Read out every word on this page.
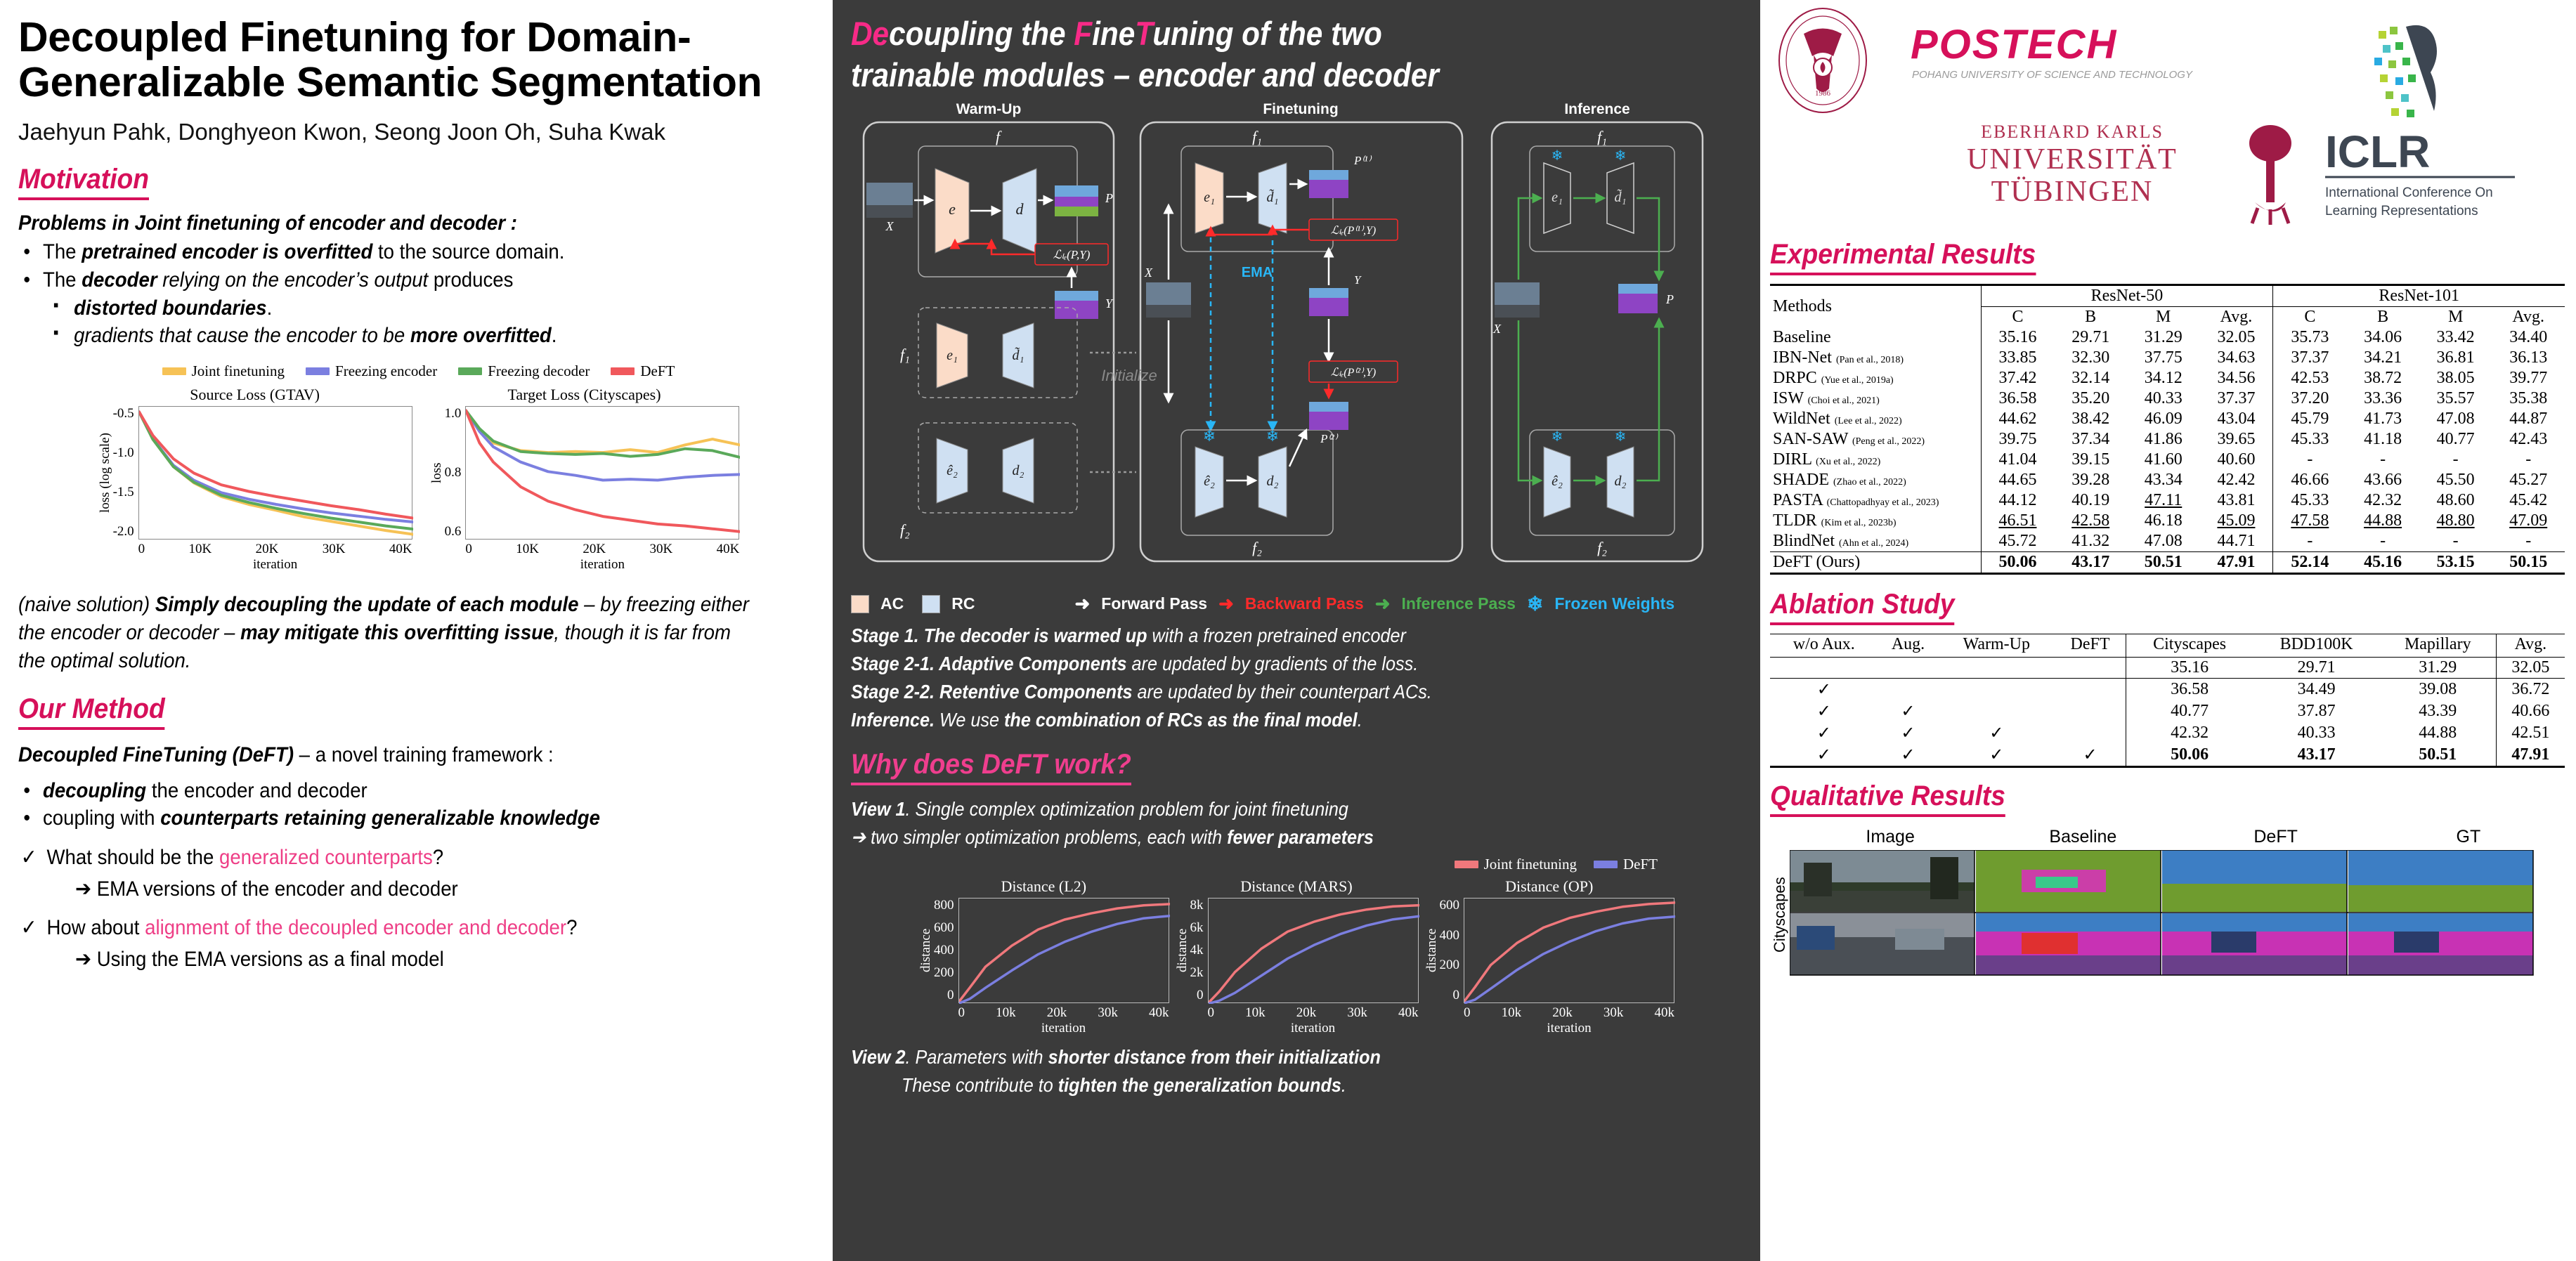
Decoupled Finetuning for Domain-Generalizable Semantic Segmentation
Jaehyun Pahk, Donghyeon Kwon, Seong Joon Oh, Suha Kwak
Motivation
Problems in Joint finetuning of encoder and decoder :
• The pretrained encoder is overfitted to the source domain.
• The decoder relying on the encoder’s output produces
▪ distorted boundaries.
▪ gradients that cause the encoder to be more overfitted.
Joint finetuning	Freezing encoder	Freezing decoder	DeFT
Source Loss (GTAV)
loss (log scale)
-0.5
-1.0
-1.5
-2.0
0	10K	20K	30K	40K
iteration
Target Loss (Cityscapes)
loss
1.0
0.8
0.6
0	10K	20K	30K	40K
iteration
(naive solution) Simply decoupling the update of each module – by freezing either the encoder or decoder – may mitigate this overfitting issue, though it is far from the optimal solution.
Our Method
Decoupled FineTuning (DeFT) – a novel training framework :
• decoupling the encoder and decoder
• coupling with counterparts retaining generalizable knowledge
✓ What should be the generalized counterparts?
➔ EMA versions of the encoder and decoder
✓ How about alignment of the decoupled encoder and decoder?
➔ Using the EMA versions as a final model
Decoupling the FineTuning of the two
trainable modules – encoder and decoder
Warm-Up	Finetuning	Inference
f
X
e	d
P
ℒₗₑ(P,Y)
Y
f₁	e₁	d̃₁
f₂
ê₂	d₂
Initialize
f₁
e₁	d̃₁
P⁽¹⁾
ℒₗₑ(P⁽¹⁾,Y)
X
Y
EMA
f₂
ê₂	d₂
❄	❄	P⁽²⁾
ℒₗₑ(P⁽²⁾,Y)
f₁
e₁	d̃₁
❄	❄
f₂
ê₂	d₂
❄	❄
X
P
AC	RC	➜ Forward Pass ➜ Backward Pass ➜ Inference Pass ❄ Frozen Weights
Stage 1. The decoder is warmed up with a frozen pretrained encoder
Stage 2-1. Adaptive Components are updated by gradients of the loss.
Stage 2-2. Retentive Components are updated by their counterpart ACs.
Inference. We use the combination of RCs as the final model.
Why does DeFT work?
View 1. Single complex optimization problem for joint finetuning
➔ two simpler optimization problems, each with fewer parameters
Joint finetuning	DeFT
Distance (L2)
distance
800
600
400
200
0
0 10k 20k 30k 40k
iteration
Distance (MARS)
distance
8k
6k
4k
2k
0
0 10k 20k 30k 40k
iteration
Distance (OP)
distance
600
400
200
0
0 10k 20k 30k 40k
iteration
View 2. Parameters with shorter distance from their initialization
These contribute to tighten the generalization bounds.
1986
POSTECH
POHANG UNIVERSITY OF SCIENCE AND TECHNOLOGY
EBERHARD KARLS
UNIVERSITÄT
TÜBINGEN
ICLR
International Conference On
Learning Representations
Experimental Results
Methods	ResNet-50				ResNet-101			
	C	B	M	Avg.	C	B	M	Avg.
Baseline	35.16	29.71	31.29	32.05	35.73	34.06	33.42	34.40
IBN-Net (Pan et al., 2018)	33.85	32.30	37.75	34.63	37.37	34.21	36.81	36.13
DRPC (Yue et al., 2019a)	37.42	32.14	34.12	34.56	42.53	38.72	38.05	39.77
ISW (Choi et al., 2021)	36.58	35.20	40.33	37.37	37.20	33.36	35.57	35.38
WildNet (Lee et al., 2022)	44.62	38.42	46.09	43.04	45.79	41.73	47.08	44.87
SAN-SAW (Peng et al., 2022)	39.75	37.34	41.86	39.65	45.33	41.18	40.77	42.43
DIRL (Xu et al., 2022)	41.04	39.15	41.60	40.60	-	-	-	-
SHADE (Zhao et al., 2022)	44.65	39.28	43.34	42.42	46.66	43.66	45.50	45.27
PASTA (Chattopadhyay et al., 2023)	44.12	40.19	47.11	43.81	45.33	42.32	48.60	45.42
TLDR (Kim et al., 2023b)	46.51	42.58	46.18	45.09	47.58	44.88	48.80	47.09
BlindNet (Ahn et al., 2024)	45.72	41.32	47.08	44.71	-	-	-	-
DeFT (Ours)	50.06	43.17	50.51	47.91	52.14	45.16	53.15	50.15
Ablation Study
w/o Aux.	Aug.	Warm-Up	DeFT	Cityscapes	BDD100K	Mapillary	Avg.
				35.16	29.71	31.29	32.05
✓				36.58	34.49	39.08	36.72
✓	✓			40.77	37.87	43.39	40.66
✓	✓	✓		42.32	40.33	44.88	42.51
✓	✓	✓	✓	50.06	43.17	50.51	47.91
Qualitative Results
Image	Baseline	DeFT	GT
Cityscapes
